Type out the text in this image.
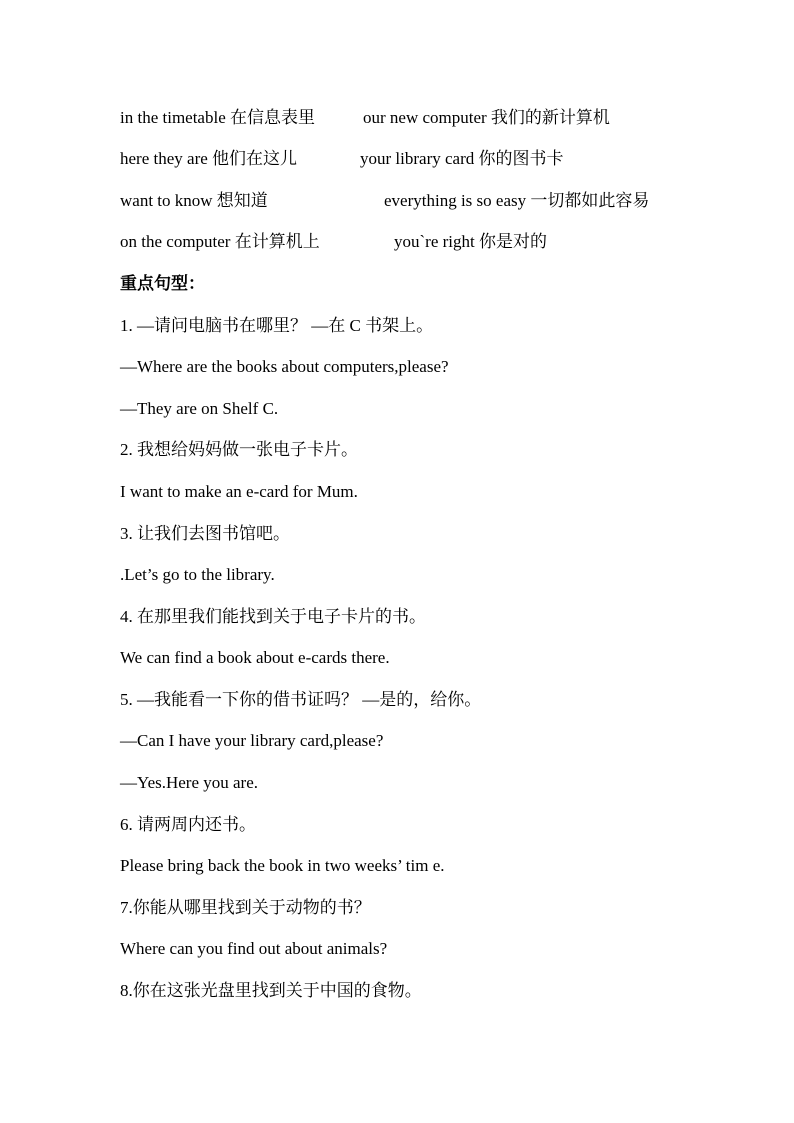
in the timetable 在信息表里	our new computer 我们的新计算机
here they are 他们在这儿	your library card 你的图书卡
want to know 想知道	everything is so easy 一切都如此容易
on the computer 在计算机上	you`re right 你是对的
重点句型：
1. —请问电脑书在哪里？ —在 C 书架上。
—Where are the books about computers,please?
—They are on Shelf C.
2. 我想给妈妈做一张电子卡片。
I want to make an e-card for Mum.
3. 让我们去图书馆吧。
.Let’s go to the library.
4. 在那里我们能找到关于电子卡片的书。
We can find a book about e-cards there.
5. —我能看一下你的借书证吗？ —是的，给你。
—Can I have your library card,please?
—Yes.Here you are.
6. 请两周内还书。
Please bring back the book in two weeks’ tim e.
7.你能从哪里找到关于动物的书？
Where can you find out about animals?
8.你在这张光盘里找到关于中国的食物。
